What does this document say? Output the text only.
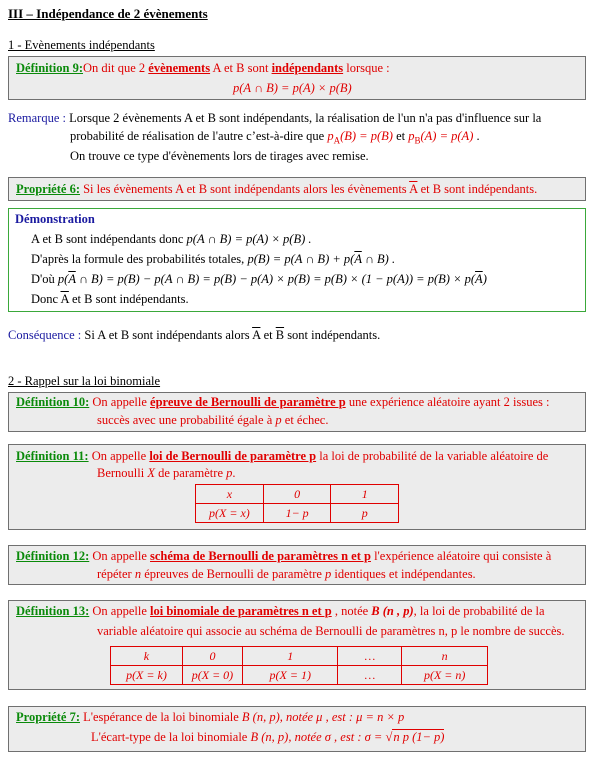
III – Indépendance de 2 évènements
1 - Evènements indépendants
Définition 9:On dit que 2 évènements A et B sont indépendants lorsque :
p(A ∩ B) = p(A) × p(B)
Remarque : Lorsque 2 évènements A et B sont indépendants, la réalisation de l'un n'a pas d'influence sur la
probabilité de réalisation de l'autre c’est-à-dire que $p_A(B) = p(B)$ et $p_B(A) = p(A)$ .
On trouve ce type d'évènements lors de tirages avec remise.
Propriété 6: Si les évènements A et B sont indépendants alors les évènements $\overline{A}$ et B sont indépendants.
Démonstration
A et B sont indépendants donc p(A ∩ B) = p(A) × p(B) .
D'après la formule des probabilités totales, p(B) = p(A ∩ $B) + p(\overline{A}$ ∩ B) .
D'où $p(\overline{A}$ ∩ B) = p(B) − p(A ∩ $B) = p(B) - p(A) \times p(B) = p(B) \times (1 - p(A)) = p(B) \times p(\overline{A})$
Donc $\overline{A}$ et B sont indépendants.
Conséquence : Si A et B sont indépendants alors $\overline{A}$ et $\overline{B}$ sont indépendants.
2 - Rappel sur la loi binomiale
Définition 10: On appelle épreuve de Bernoulli de paramètre p une expérience aléatoire ayant 2 issues :
succès avec une probabilité égale à p et échec.
Définition 11: On appelle loi de Bernoulli de paramètre p la loi de probabilité de la variable aléatoire de
Bernoulli X de paramètre p.
x	0	1
p(X = x)	1− p	p
Définition 12: On appelle schéma de Bernoulli de paramètres n et p l'expérience aléatoire qui consiste à
répéter n épreuves de Bernoulli de paramètre p identiques et indépendantes.
Définition 13: On appelle loi binomiale de paramètres n et p , notée B (n , p), la loi de probabilité de la
variable aléatoire qui associe au schéma de Bernoulli de paramètres n, p le nombre de succès.
k	0	1	…	n
p(X = k)	p(X = 0)	p(X = 1)	…	p(X = n)
Propriété 7: L'espérance de la loi binomiale B (n, p), notée μ , est : μ = n × p
L'écart-type de la loi binomiale B (n, p), notée σ , est : σ = √n p (1− p)
